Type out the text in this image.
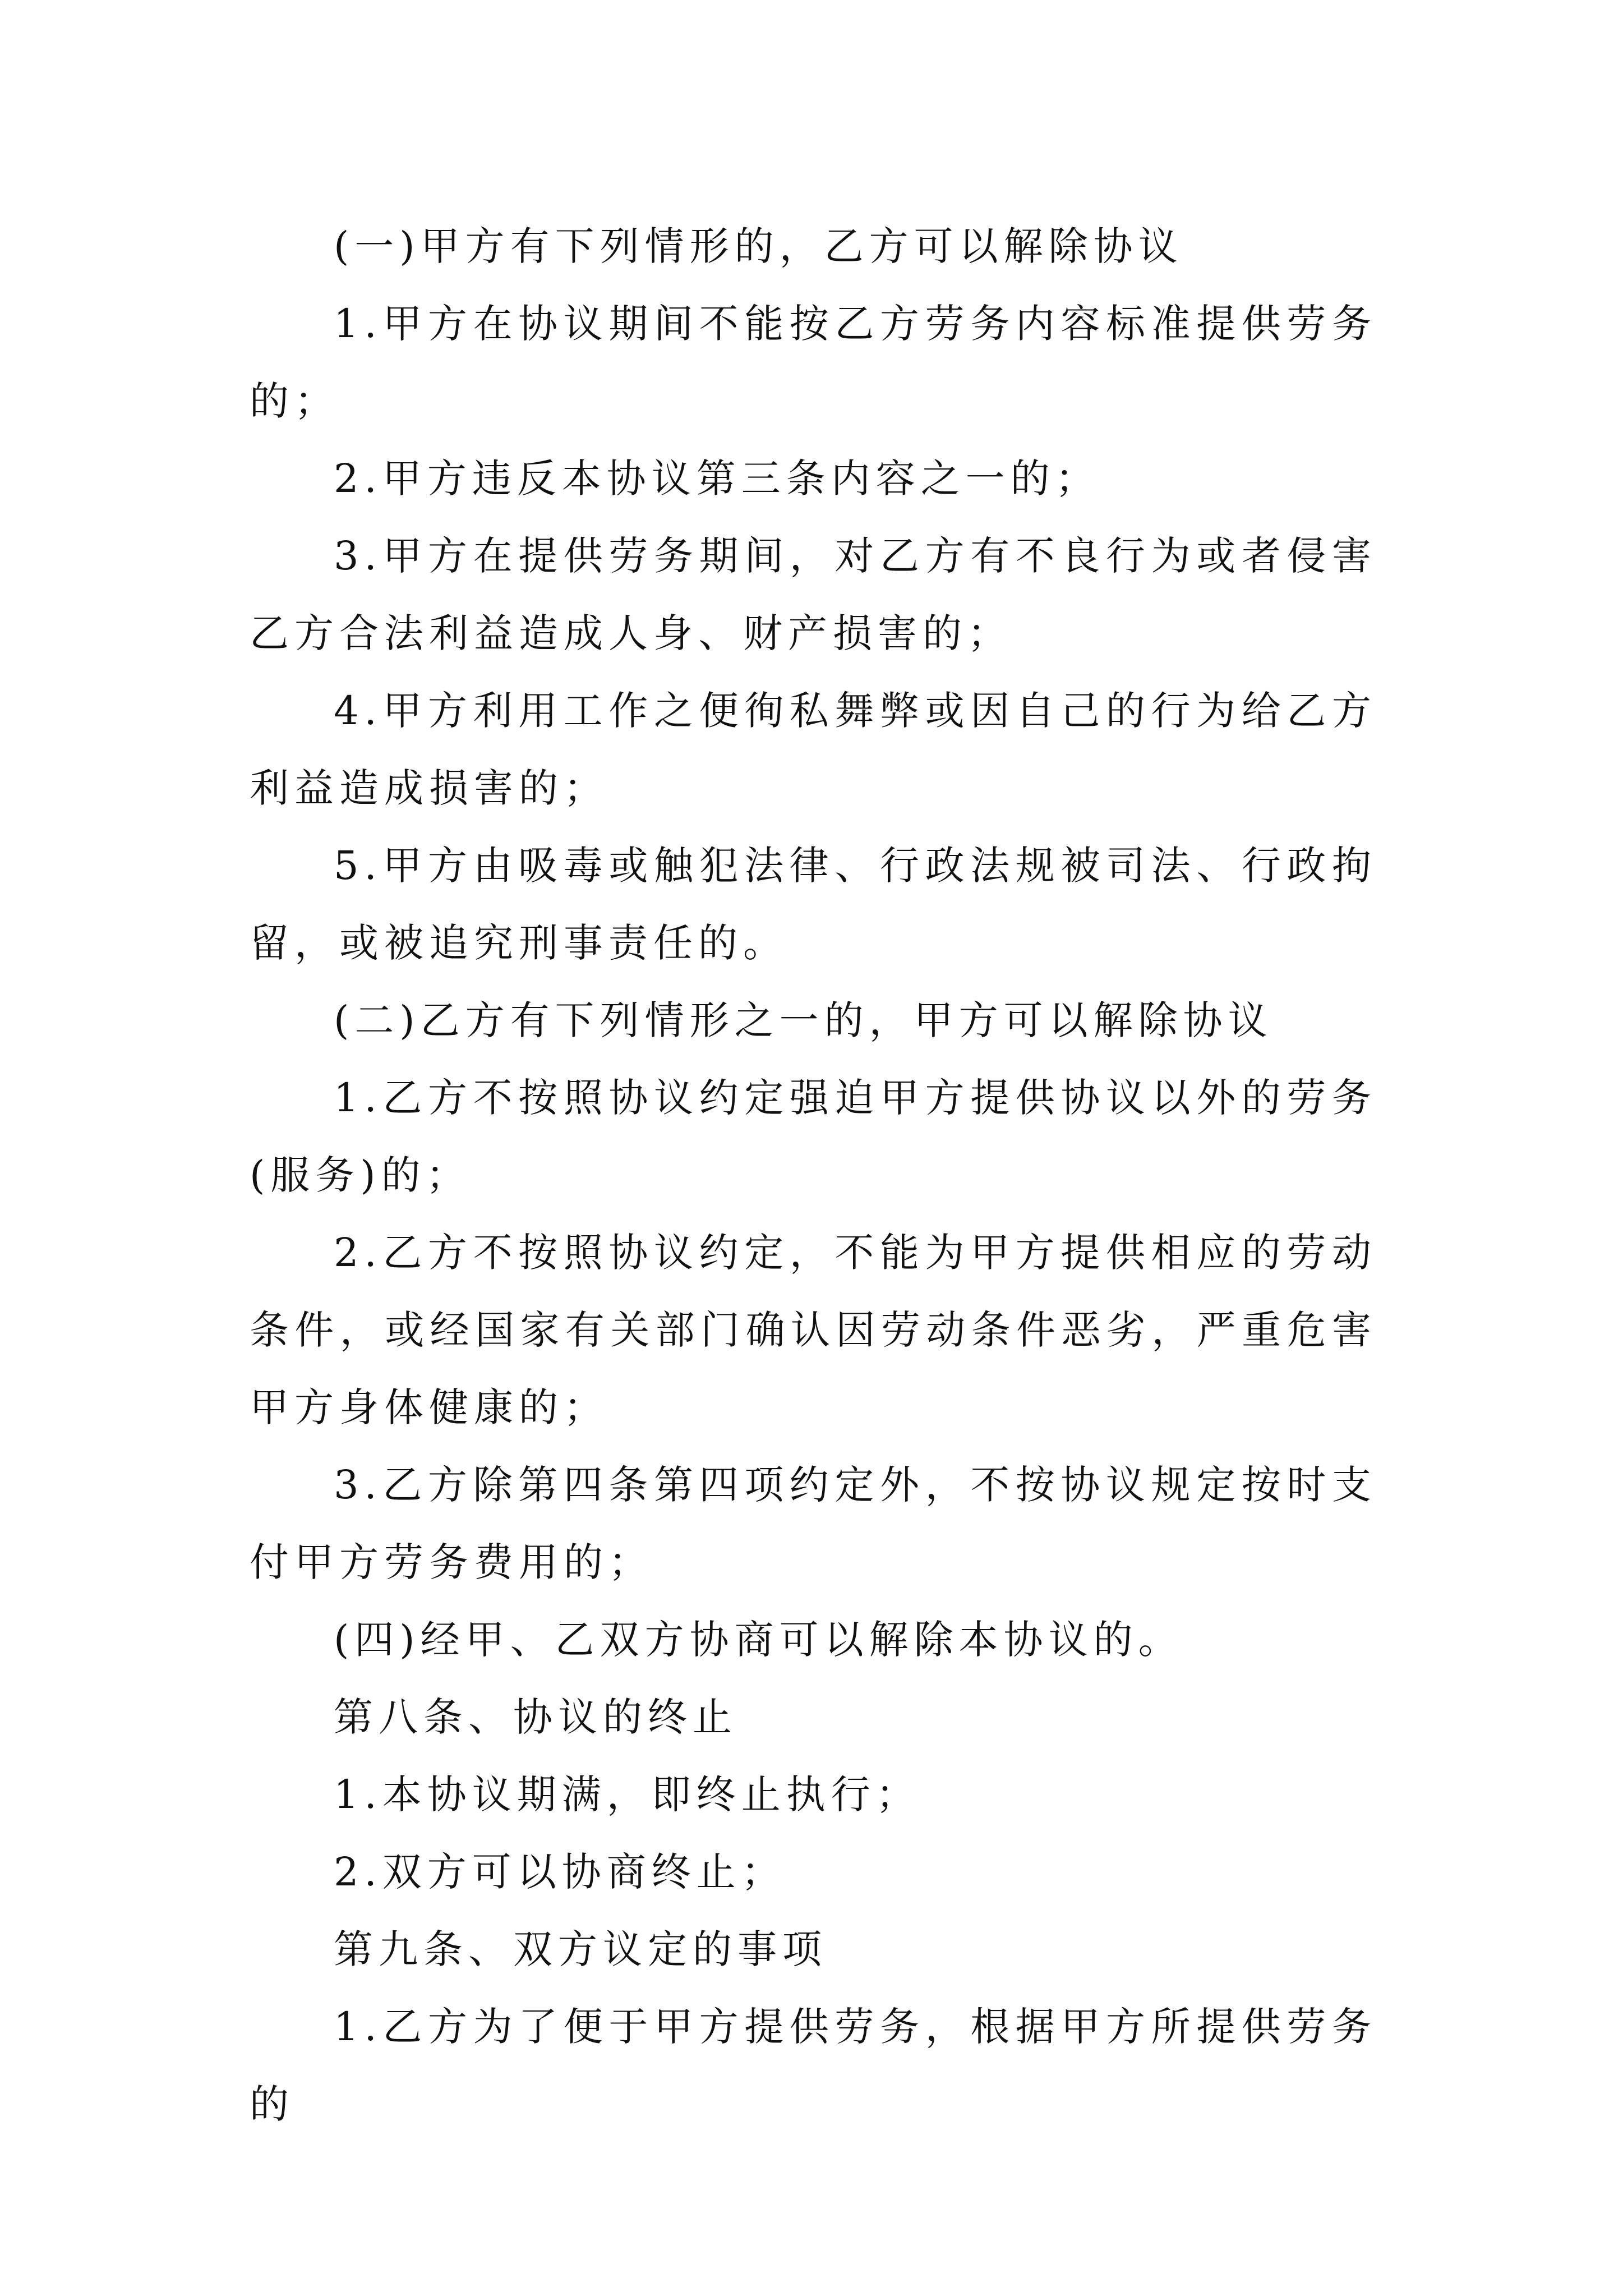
(一)甲方有下列情形的，乙方可以解除协议

1.甲方在协议期间不能按乙方劳务内容标准提供劳务的；

2.甲方违反本协议第三条内容之一的；

3.甲方在提供劳务期间，对乙方有不良行为或者侵害乙方合法利益造成人身、财产损害的；

4.甲方利用工作之便徇私舞弊或因自己的行为给乙方利益造成损害的；

5.甲方由吸毒或触犯法律、行政法规被司法、行政拘留，或被追究刑事责任的。

(二)乙方有下列情形之一的，甲方可以解除协议

1.乙方不按照协议约定强迫甲方提供协议以外的劳务(服务)的；

2.乙方不按照协议约定，不能为甲方提供相应的劳动条件，或经国家有关部门确认因劳动条件恶劣，严重危害甲方身体健康的；

3.乙方除第四条第四项约定外，不按协议规定按时支付甲方劳务费用的；

(四)经甲、乙双方协商可以解除本协议的。

第八条、协议的终止

1.本协议期满，即终止执行；

2.双方可以协商终止；

第九条、双方议定的事项

1.乙方为了便于甲方提供劳务，根据甲方所提供劳务的
